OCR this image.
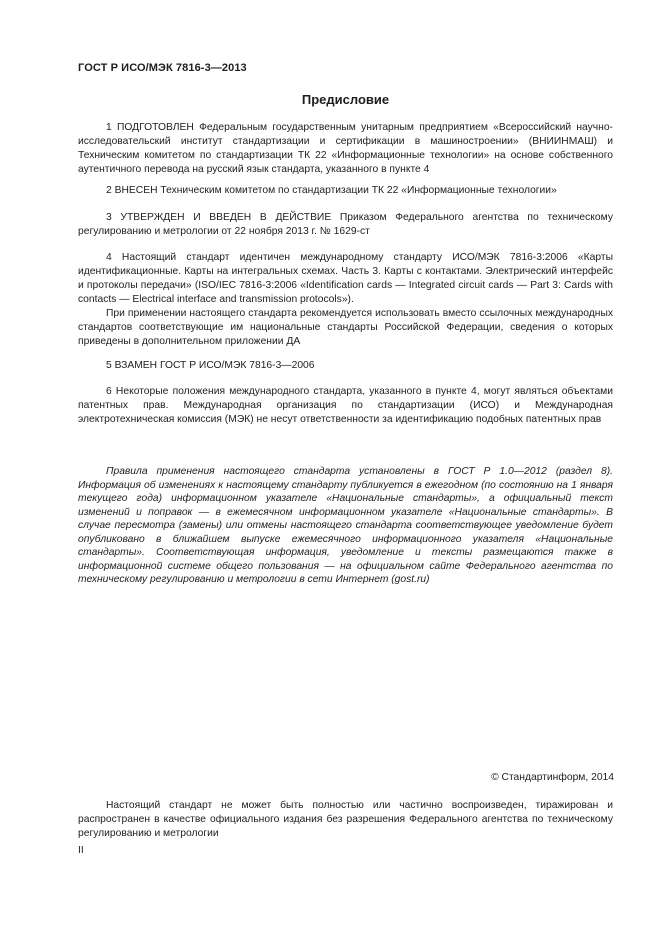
ГОСТ Р ИСО/МЭК 7816-3—2013
Предисловие

1 ПОДГОТОВЛЕН Федеральным государственным унитарным предприятием «Всероссийский научно-исследовательский институт стандартизации и сертификации в машиностроении» (ВНИИНМАШ) и Техническим комитетом по стандартизации ТК 22 «Информационные технологии» на основе собственного аутентичного перевода на русский язык стандарта, указанного в пункте 4

2 ВНЕСЕН Техническим комитетом по стандартизации ТК 22 «Информационные технологии»

3 УТВЕРЖДЕН И ВВЕДЕН В ДЕЙСТВИЕ Приказом Федерального агентства по техническому регулированию и метрологии от 22 ноября 2013 г. № 1629-ст

4 Настоящий стандарт идентичен международному стандарту ИСО/МЭК 7816-3:2006 «Карты идентификационные. Карты на интегральных схемах. Часть 3. Карты с контактами. Электрический интерфейс и протоколы передачи» (ISO/IEC 7816-3:2006 «Identification cards — Integrated circuit cards — Part 3: Cards with contacts — Electrical interface and transmission protocols»).

При применении настоящего стандарта рекомендуется использовать вместо ссылочных международных стандартов соответствующие им национальные стандарты Российской Федерации, сведения о которых приведены в дополнительном приложении ДА

5 ВЗАМЕН ГОСТ Р ИСО/МЭК 7816-3—2006

6 Некоторые положения международного стандарта, указанного в пункте 4, могут являться объектами патентных прав. Международная организация по стандартизации (ИСО) и Международная электротехническая комиссия (МЭК) не несут ответственности за идентификацию подобных патентных прав

Правила применения настоящего стандарта установлены в ГОСТ Р 1.0—2012 (раздел 8). Информация об изменениях к настоящему стандарту публикуется в ежегодном (по состоянию на 1 января текущего года) информационном указателе «Национальные стандарты», а официальный текст изменений и поправок — в ежемесячном информационном указателе «Национальные стандарты». В случае пересмотра (замены) или отмены настоящего стандарта соответствующее уведомление будет опубликовано в ближайшем выпуске ежемесячного информационного указателя «Национальные стандарты». Соответствующая информация, уведомление и тексты размещаются также в информационной системе общего пользования — на официальном сайте Федерального агентства по техническому регулированию и метрологии в сети Интернет (gost.ru)

© Стандартинформ, 2014

Настоящий стандарт не может быть полностью или частично воспроизведен, тиражирован и распространен в качестве официального издания без разрешения Федерального агентства по техническому регулированию и метрологии

II
